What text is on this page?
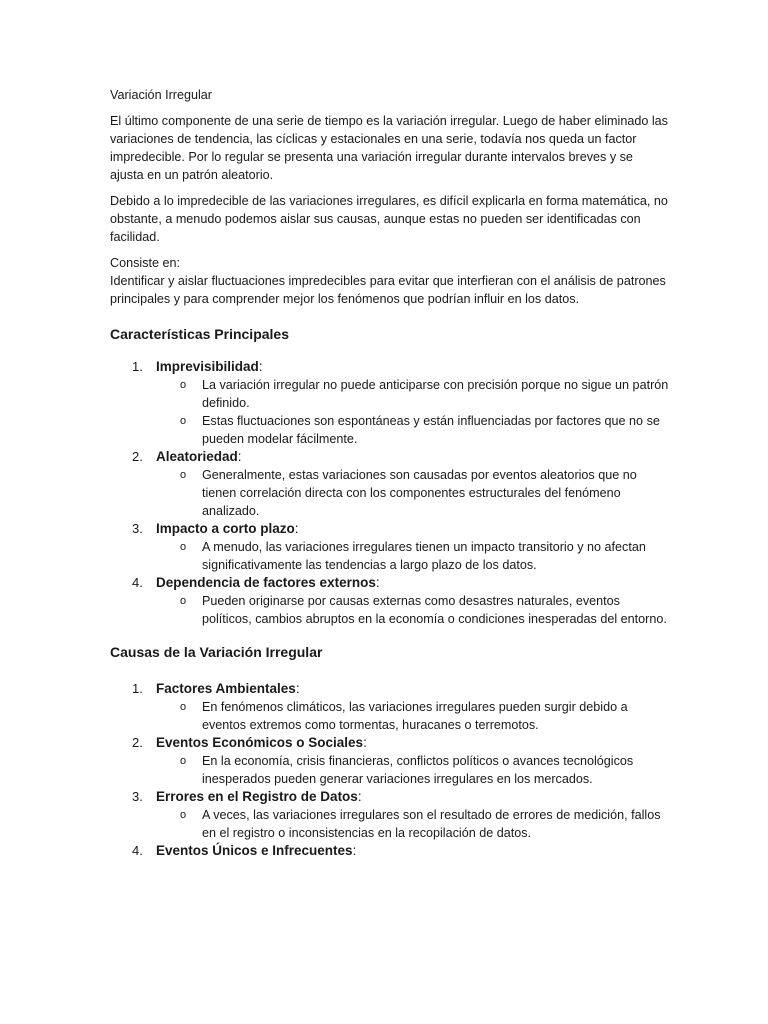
Variación Irregular

El último componente de una serie de tiempo es la variación irregular. Luego de haber eliminado las variaciones de tendencia, las cíclicas y estacionales en una serie, todavía nos queda un factor impredecible. Por lo regular se presenta una variación irregular durante intervalos breves y se ajusta en un patrón aleatorio.

Debido a lo impredecible de las variaciones irregulares, es difícil explicarla en forma matemática, no obstante, a menudo podemos aislar sus causas, aunque estas no pueden ser identificadas con facilidad.

Consiste en:

Identificar y aislar fluctuaciones impredecibles para evitar que interfieran con el análisis de patrones principales y para comprender mejor los fenómenos que podrían influir en los datos.

Características Principales
1. Imprevisibilidad:
o La variación irregular no puede anticiparse con precisión porque no sigue un patrón definido.
o Estas fluctuaciones son espontáneas y están influenciadas por factores que no se pueden modelar fácilmente.
2. Aleatoriedad:
o Generalmente, estas variaciones son causadas por eventos aleatorios que no tienen correlación directa con los componentes estructurales del fenómeno analizado.
3. Impacto a corto plazo:
o A menudo, las variaciones irregulares tienen un impacto transitorio y no afectan significativamente las tendencias a largo plazo de los datos.
4. Dependencia de factores externos:
o Pueden originarse por causas externas como desastres naturales, eventos políticos, cambios abruptos en la economía o condiciones inesperadas del entorno.
Causas de la Variación Irregular
1. Factores Ambientales:
o En fenómenos climáticos, las variaciones irregulares pueden surgir debido a eventos extremos como tormentas, huracanes o terremotos.
2. Eventos Económicos o Sociales:
o En la economía, crisis financieras, conflictos políticos o avances tecnológicos inesperados pueden generar variaciones irregulares en los mercados.
3. Errores en el Registro de Datos:
o A veces, las variaciones irregulares son el resultado de errores de medición, fallos en el registro o inconsistencias en la recopilación de datos.
4. Eventos Únicos e Infrecuentes:
